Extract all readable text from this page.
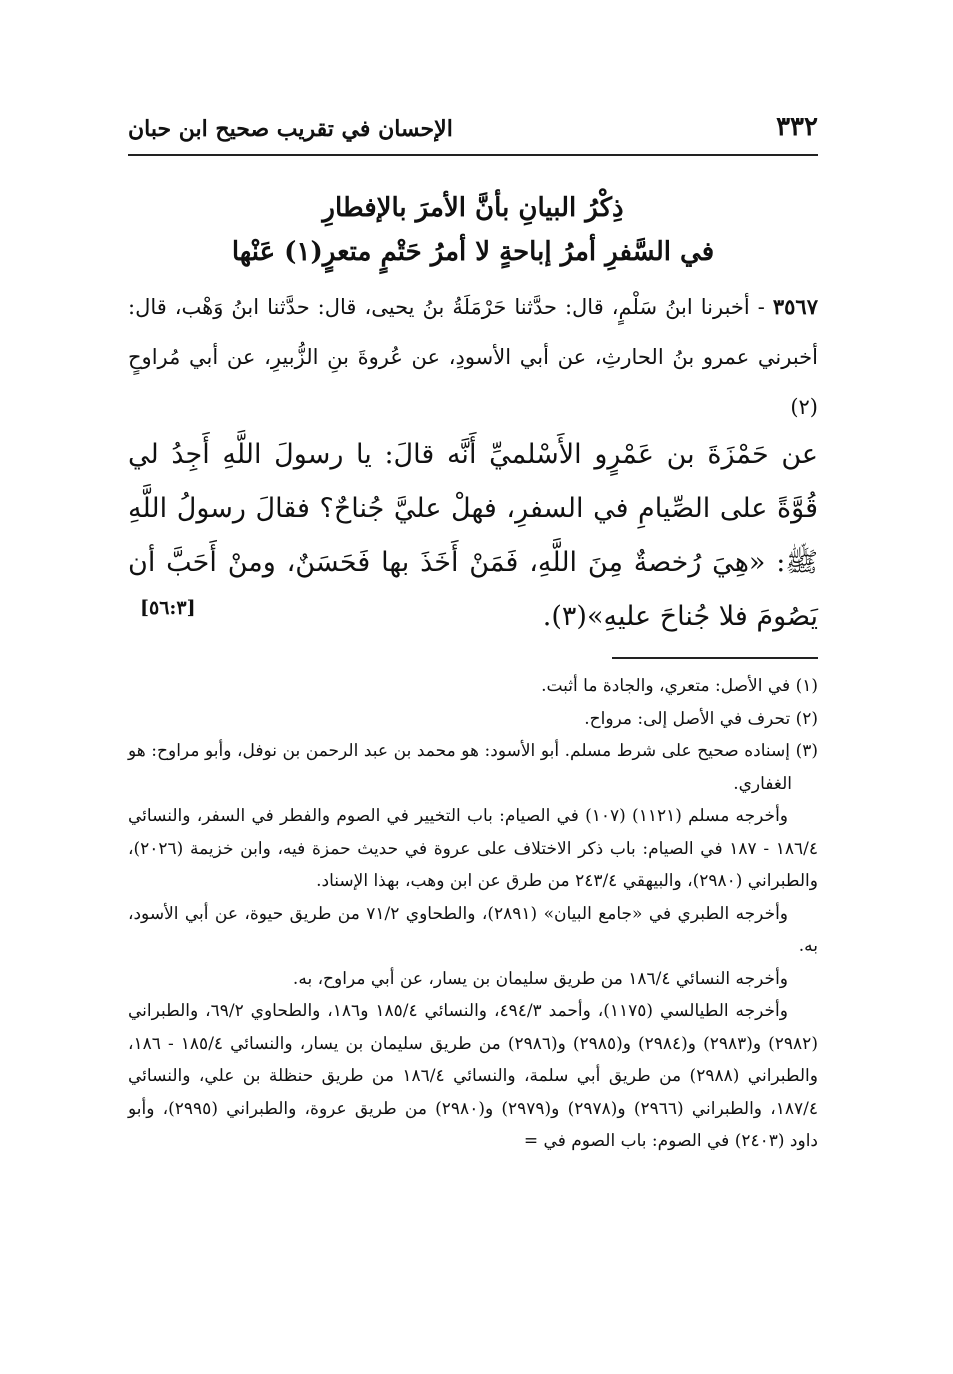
٣٣٢
الإحسان في تقريب صحيح ابن حبان
ذِكْرُ البيانِ بأنَّ الأمرَ بالإفطارِ
في السَّفرِ أمرُ إباحةٍ لا أمرُ حَتْمٍ متعرٍ(١) عَنْها
٣٥٦٧ - أخبرنا ابنُ سَلْمٍ، قال: حدَّثنا حَرْمَلَةُ بنُ يحيى، قال: حدَّثنا ابنُ وَهْب، قال: أخبرني عمرو بنُ الحارثِ، عن أبي الأسودِ، عن عُروةَ بنِ الزُّبيرِ، عن أبي مُراوحٍ (٢)
عن حَمْزَةَ بن عَمْرٍو الأَسْلميِّ أَنَّه قالَ: يا رسولَ اللَّهِ أَجِدُ لي قُوَّةً على الصِّيامِ في السفرِ، فهلْ عليَّ جُناحٌ؟ فقالَ رسولُ اللَّهِ ﷺ: «هِيَ رُخصةٌ مِنَ اللَّهِ، فَمَنْ أَخَذَ بها فَحَسَنٌ، ومنْ أَحَبَّ أن يَصُومَ فلا جُناحَ عليهِ»(٣).
[٥٦:٣]

(١) في الأصل: متعري، والجادة ما أثبت.

(٢) تحرف في الأصل إلى: مرواح.

(٣) إسناده صحيح على شرط مسلم. أبو الأسود: هو محمد بن عبد الرحمن بن نوفل، وأبو مراوح: هو الغفاري.

وأخرجه مسلم (١١٢١) (١٠٧) في الصيام: باب التخيير في الصوم والفطر في السفر، والنسائي ١٨٦/٤ - ١٨٧ في الصيام: باب ذكر الاختلاف على عروة في حديث حمزة فيه، وابن خزيمة (٢٠٢٦)، والطبراني (٢٩٨٠)، والبيهقي ٢٤٣/٤ من طرق عن ابن وهب، بهذا الإسناد.

وأخرجه الطبري في «جامع البيان» (٢٨٩١)، والطحاوي ٧١/٢ من طريق حيوة، عن أبي الأسود، به.

وأخرجه النسائي ١٨٦/٤ من طريق سليمان بن يسار، عن أبي مراوح، به.

وأخرجه الطيالسي (١١٧٥)، وأحمد ٤٩٤/٣، والنسائي ١٨٥/٤ و١٨٦، والطحاوي ٦٩/٢، والطبراني (٢٩٨٢) و(٢٩٨٣) و(٢٩٨٤) و(٢٩٨٥) و(٢٩٨٦) من طريق سليمان بن يسار، والنسائي ١٨٥/٤ - ١٨٦، والطبراني (٢٩٨٨) من طريق أبي سلمة، والنسائي ١٨٦/٤ من طريق حنظلة بن علي، والنسائي ١٨٧/٤، والطبراني (٢٩٦٦) و(٢٩٧٨) و(٢٩٧٩) و(٢٩٨٠) من طريق عروة، والطبراني (٢٩٩٥)، وأبو داود (٢٤٠٣) في الصوم: باب الصوم في =
